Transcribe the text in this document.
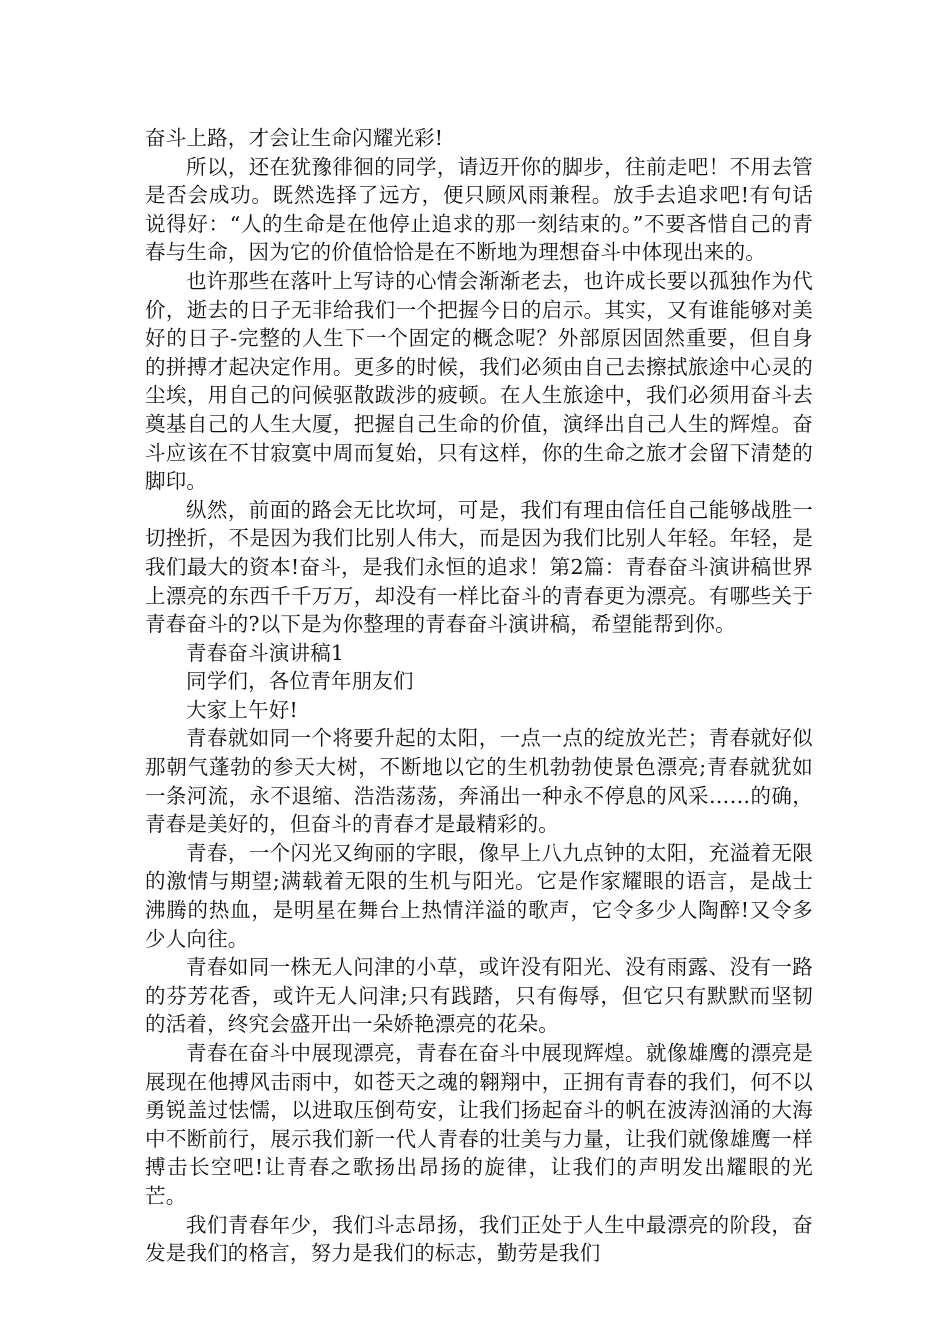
奋斗上路，才会让生命闪耀光彩!

所以，还在犹豫徘徊的同学，请迈开你的脚步，往前走吧！不用去管是否会成功。既然选择了远方，便只顾风雨兼程。放手去追求吧!有句话说得好：“人的生命是在他停止追求的那一刻结束的。”不要吝惜自己的青春与生命，因为它的价值恰恰是在不断地为理想奋斗中体现出来的。

也许那些在落叶上写诗的心情会渐渐老去，也许成长要以孤独作为代价，逝去的日子无非给我们一个把握今日的启示。其实，又有谁能够对美好的日子-完整的人生下一个固定的概念呢？外部原因固然重要，但自身的拼搏才起决定作用。更多的时候，我们必须由自己去擦拭旅途中心灵的尘埃，用自己的问候驱散跋涉的疲顿。在人生旅途中，我们必须用奋斗去奠基自己的人生大厦，把握自己生命的价值，演绎出自己人生的辉煌。奋斗应该在不甘寂寞中周而复始，只有这样，你的生命之旅才会留下清楚的脚印。

纵然，前面的路会无比坎坷，可是，我们有理由信任自己能够战胜一切挫折，不是因为我们比别人伟大，而是因为我们比别人年轻。年轻，是我们最大的资本!奋斗，是我们永恒的追求！第2篇：青春奋斗演讲稿世界上漂亮的东西千千万万，却没有一样比奋斗的青春更为漂亮。有哪些关于青春奋斗的?以下是为你整理的青春奋斗演讲稿，希望能帮到你。

青春奋斗演讲稿1

同学们，各位青年朋友们

大家上午好!

青春就如同一个将要升起的太阳，一点一点的绽放光芒；青春就好似那朝气蓬勃的参天大树，不断地以它的生机勃勃使景色漂亮;青春就犹如一条河流，永不退缩、浩浩荡荡，奔涌出一种永不停息的风采……的确，青春是美好的，但奋斗的青春才是最精彩的。

青春，一个闪光又绚丽的字眼，像早上八九点钟的太阳，充溢着无限的激情与期望;满载着无限的生机与阳光。它是作家耀眼的语言，是战士沸腾的热血，是明星在舞台上热情洋溢的歌声，它令多少人陶醉!又令多少人向往。

青春如同一株无人问津的小草，或许没有阳光、没有雨露、没有一路的芬芳花香，或许无人问津;只有践踏，只有侮辱，但它只有默默而坚韧的活着，终究会盛开出一朵娇艳漂亮的花朵。

青春在奋斗中展现漂亮，青春在奋斗中展现辉煌。就像雄鹰的漂亮是展现在他搏风击雨中，如苍天之魂的翱翔中，正拥有青春的我们，何不以勇锐盖过怯懦，以进取压倒苟安，让我们扬起奋斗的帆在波涛汹涌的大海中不断前行，展示我们新一代人青春的壮美与力量，让我们就像雄鹰一样搏击长空吧!让青春之歌扬出昂扬的旋律，让我们的声明发出耀眼的光芒。

我们青春年少，我们斗志昂扬，我们正处于人生中最漂亮的阶段，奋发是我们的格言，努力是我们的标志，勤劳是我们
